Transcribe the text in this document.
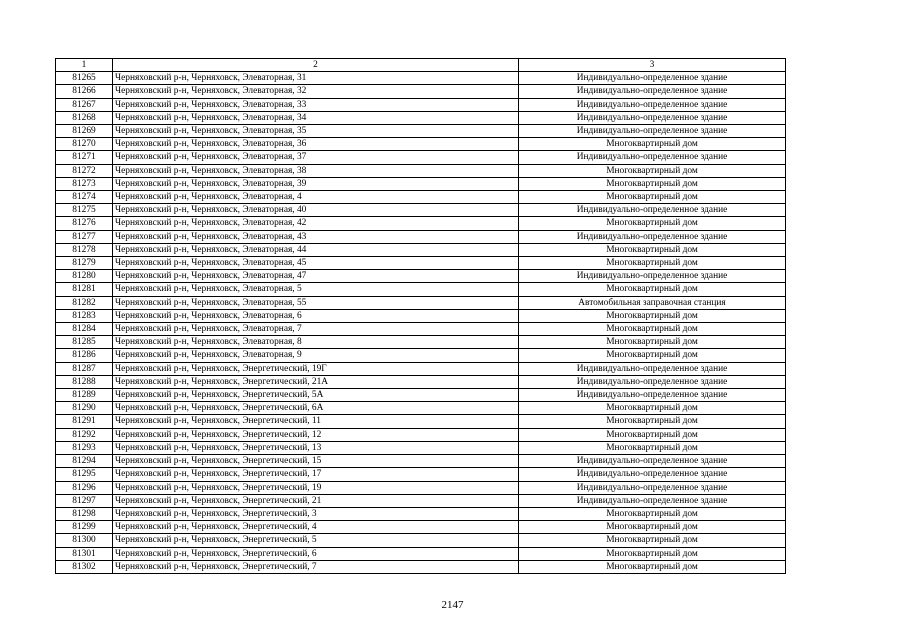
1	2	3
81265	Черняховский р-н, Черняховск, Элеваторная, 31	Индивидуально-определенное здание
81266	Черняховский р-н, Черняховск, Элеваторная, 32	Индивидуально-определенное здание
81267	Черняховский р-н, Черняховск, Элеваторная, 33	Индивидуально-определенное здание
81268	Черняховский р-н, Черняховск, Элеваторная, 34	Индивидуально-определенное здание
81269	Черняховский р-н, Черняховск, Элеваторная, 35	Индивидуально-определенное здание
81270	Черняховский р-н, Черняховск, Элеваторная, 36	Многоквартирный дом
81271	Черняховский р-н, Черняховск, Элеваторная, 37	Индивидуально-определенное здание
81272	Черняховский р-н, Черняховск, Элеваторная, 38	Многоквартирный дом
81273	Черняховский р-н, Черняховск, Элеваторная, 39	Многоквартирный дом
81274	Черняховский р-н, Черняховск, Элеваторная, 4	Многоквартирный дом
81275	Черняховский р-н, Черняховск, Элеваторная, 40	Индивидуально-определенное здание
81276	Черняховский р-н, Черняховск, Элеваторная, 42	Многоквартирный дом
81277	Черняховский р-н, Черняховск, Элеваторная, 43	Индивидуально-определенное здание
81278	Черняховский р-н, Черняховск, Элеваторная, 44	Многоквартирный дом
81279	Черняховский р-н, Черняховск, Элеваторная, 45	Многоквартирный дом
81280	Черняховский р-н, Черняховск, Элеваторная, 47	Индивидуально-определенное здание
81281	Черняховский р-н, Черняховск, Элеваторная, 5	Многоквартирный дом
81282	Черняховский р-н, Черняховск, Элеваторная, 55	Автомобильная заправочная станция
81283	Черняховский р-н, Черняховск, Элеваторная, 6	Многоквартирный дом
81284	Черняховский р-н, Черняховск, Элеваторная, 7	Многоквартирный дом
81285	Черняховский р-н, Черняховск, Элеваторная, 8	Многоквартирный дом
81286	Черняховский р-н, Черняховск, Элеваторная, 9	Многоквартирный дом
81287	Черняховский р-н, Черняховск, Энергетический, 19Г	Индивидуально-определенное здание
81288	Черняховский р-н, Черняховск, Энергетический, 21А	Индивидуально-определенное здание
81289	Черняховский р-н, Черняховск, Энергетический, 5А	Индивидуально-определенное здание
81290	Черняховский р-н, Черняховск, Энергетический, 6А	Многоквартирный дом
81291	Черняховский р-н, Черняховск, Энергетический, 11	Многоквартирный дом
81292	Черняховский р-н, Черняховск, Энергетический, 12	Многоквартирный дом
81293	Черняховский р-н, Черняховск, Энергетический, 13	Многоквартирный дом
81294	Черняховский р-н, Черняховск, Энергетический, 15	Индивидуально-определенное здание
81295	Черняховский р-н, Черняховск, Энергетический, 17	Индивидуально-определенное здание
81296	Черняховский р-н, Черняховск, Энергетический, 19	Индивидуально-определенное здание
81297	Черняховский р-н, Черняховск, Энергетический, 21	Индивидуально-определенное здание
81298	Черняховский р-н, Черняховск, Энергетический, 3	Многоквартирный дом
81299	Черняховский р-н, Черняховск, Энергетический, 4	Многоквартирный дом
81300	Черняховский р-н, Черняховск, Энергетический, 5	Многоквартирный дом
81301	Черняховский р-н, Черняховск, Энергетический, 6	Многоквартирный дом
81302	Черняховский р-н, Черняховск, Энергетический, 7	Многоквартирный дом
2147
